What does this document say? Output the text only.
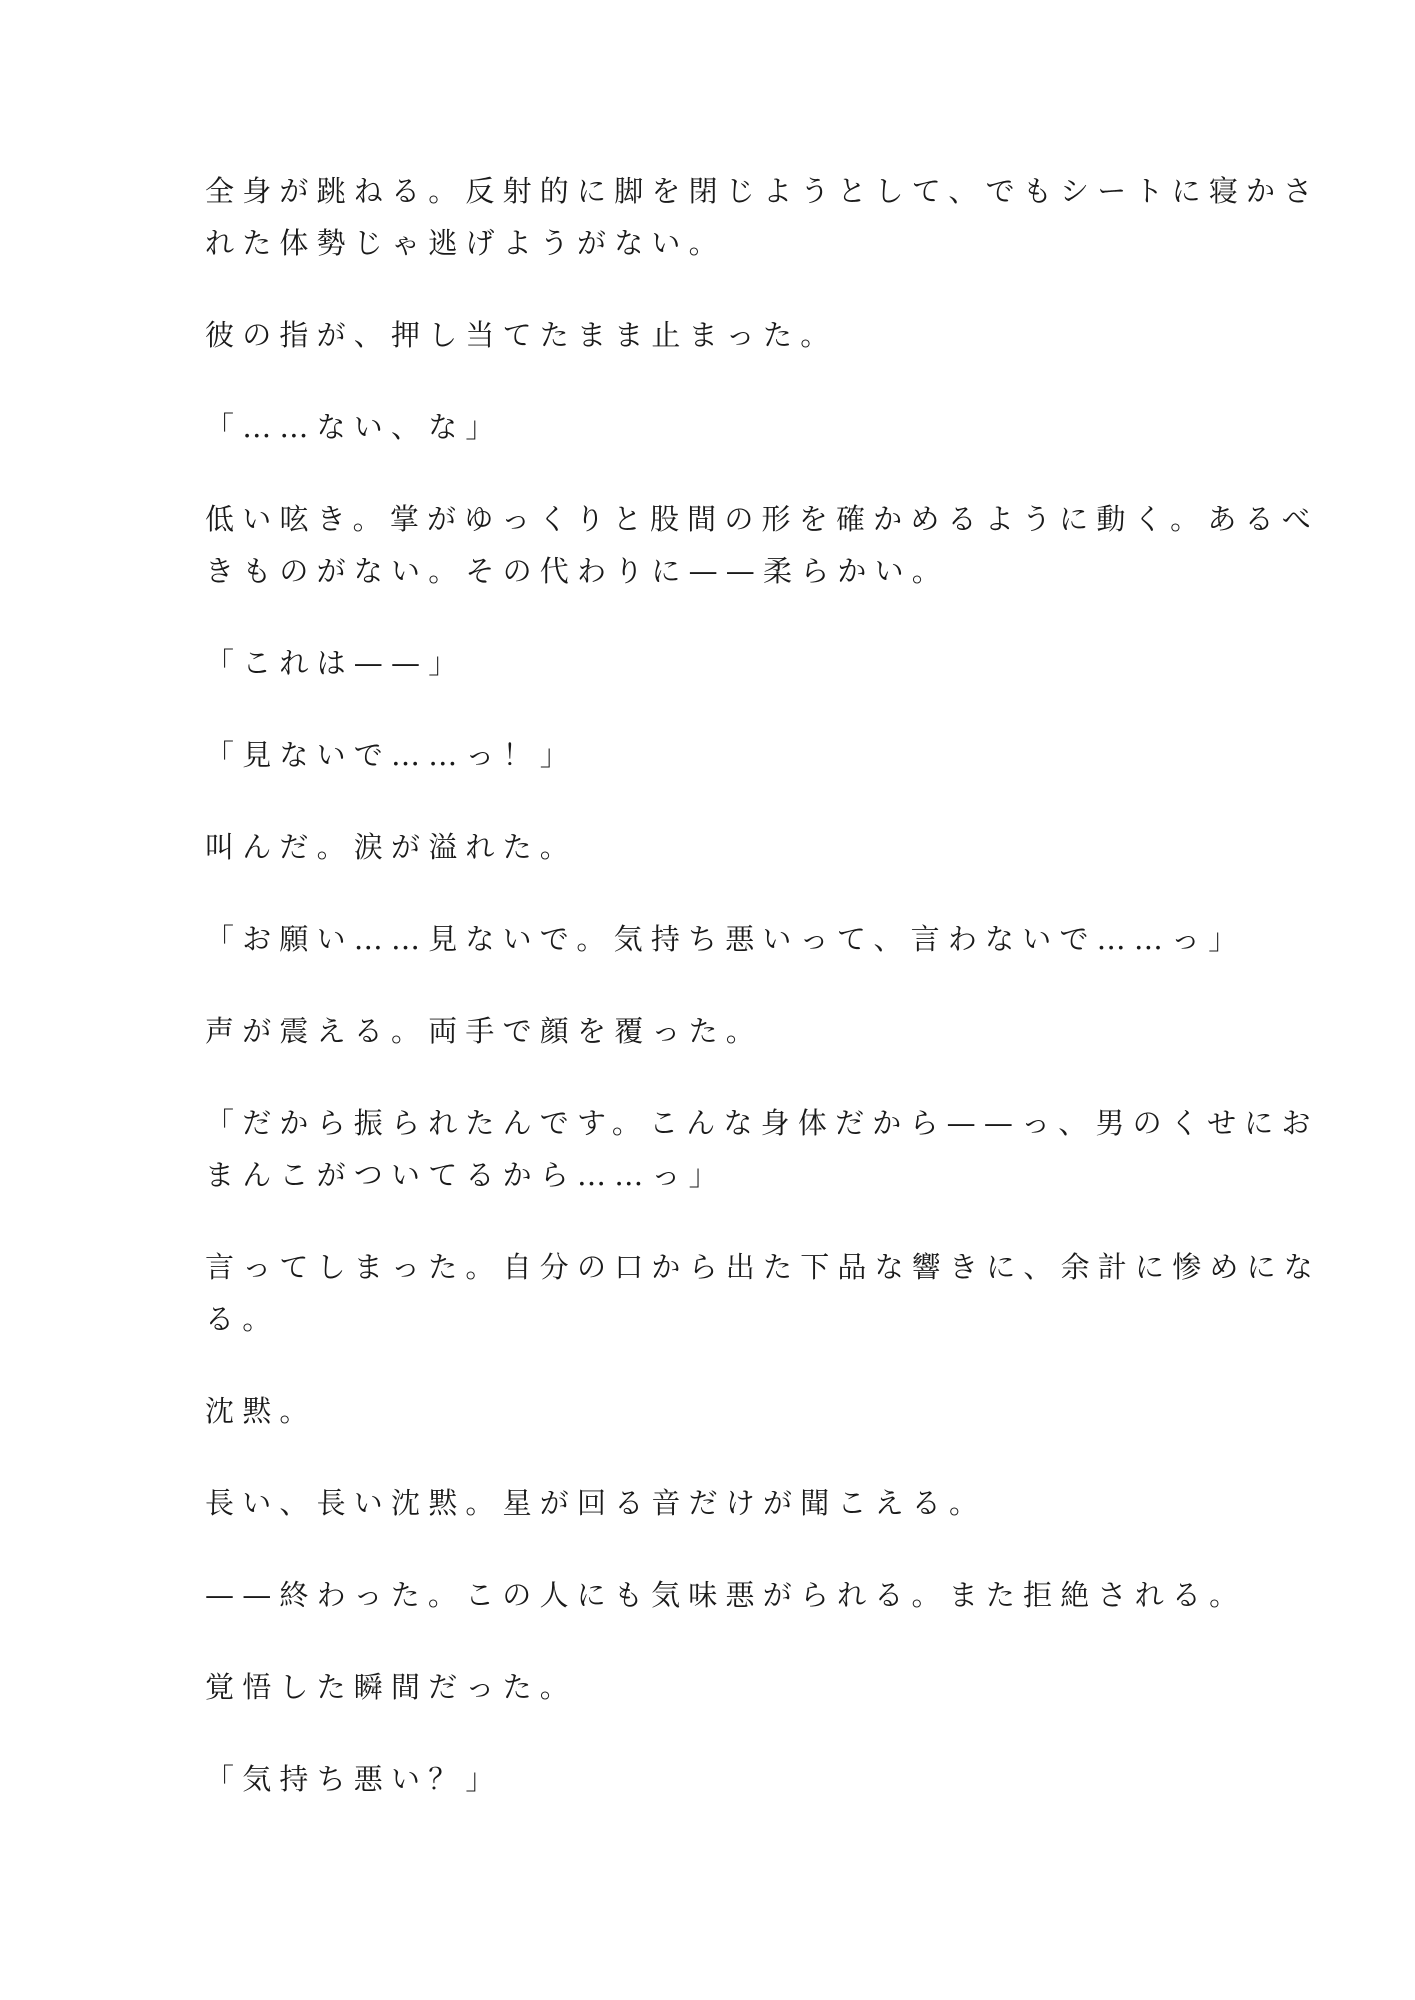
全身が跳ねる。反射的に脚を閉じようとして、でもシートに寝かさ
れた体勢じゃ逃げようがない。

彼の指が、押し当てたまま止まった。

「……ない、な」

低い呟き。掌がゆっくりと股間の形を確かめるように動く。あるべ
きものがない。その代わりに——柔らかい。

「これは——」

「見ないで……っ！」

叫んだ。涙が溢れた。

「お願い……見ないで。気持ち悪いって、言わないで……っ」

声が震える。両手で顔を覆った。

「だから振られたんです。こんな身体だから——っ、男のくせにお
まんこがついてるから……っ」

言ってしまった。自分の口から出た下品な響きに、余計に惨めにな
る。

沈黙。

長い、長い沈黙。星が回る音だけが聞こえる。

——終わった。この人にも気味悪がられる。また拒絶される。

覚悟した瞬間だった。

「気持ち悪い？」
